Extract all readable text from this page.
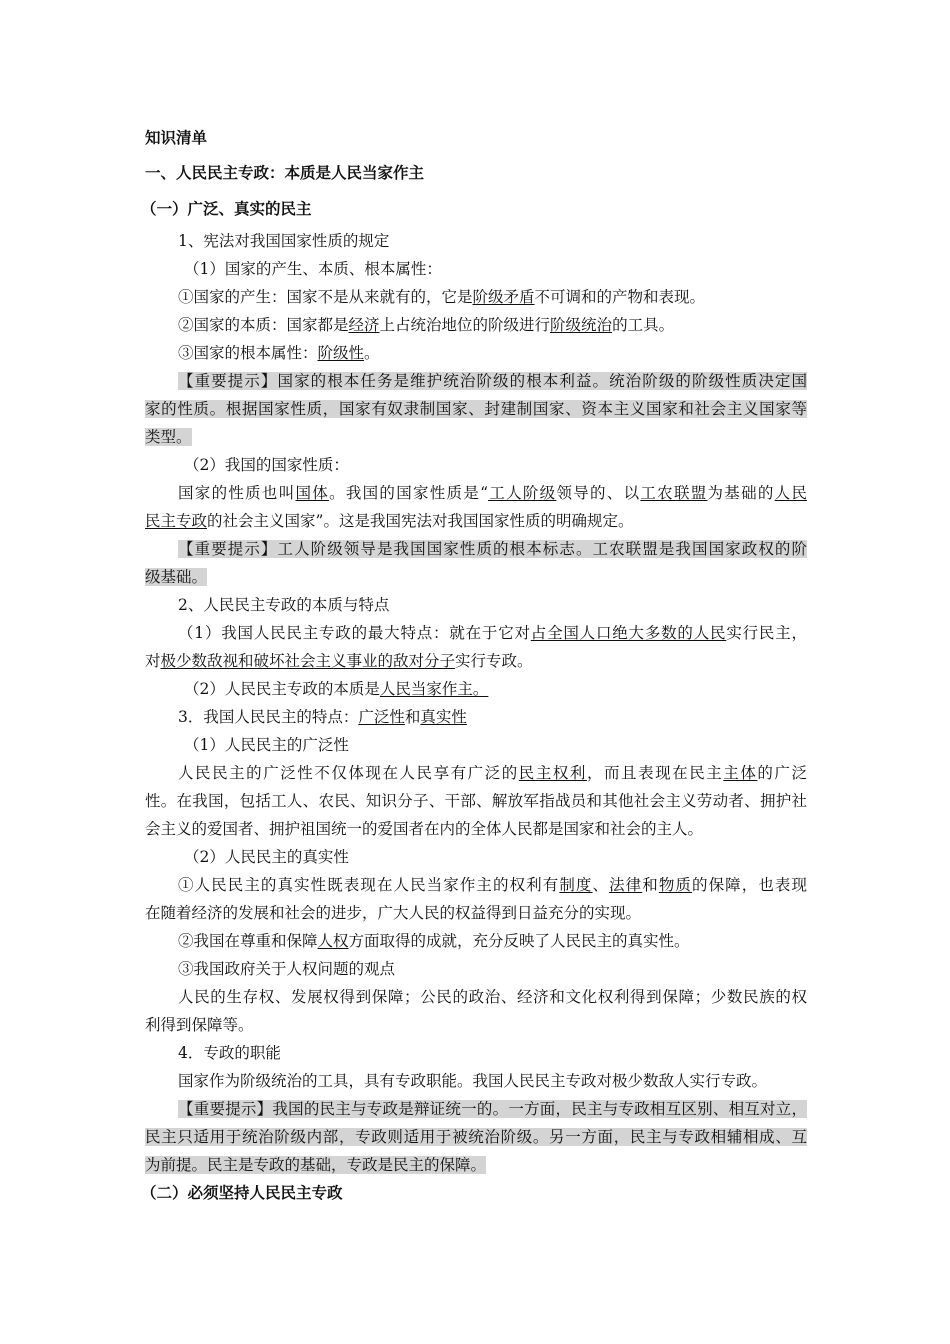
知识清单
一、人民民主专政：本质是人民当家作主
（一）广泛、真实的民主
1、宪法对我国国家性质的规定
（1）国家的产生、本质、根本属性：
①国家的产生：国家不是从来就有的，它是阶级矛盾不可调和的产物和表现。
②国家的本质：国家都是经济上占统治地位的阶级进行阶级统治的工具。
③国家的根本属性：阶级性。
【重要提示】国家的根本任务是维护统治阶级的根本利益。统治阶级的阶级性质决定国
家的性质。根据国家性质，国家有奴隶制国家、封建制国家、资本主义国家和社会主义国家等
类型。
（2）我国的国家性质：
国家的性质也叫国体。我国的国家性质是“工人阶级领导的、以工农联盟为基础的人民
民主专政的社会主义国家”。这是我国宪法对我国国家性质的明确规定。
【重要提示】工人阶级领导是我国国家性质的根本标志。工农联盟是我国国家政权的阶
级基础。
2、人民民主专政的本质与特点
（1）我国人民民主专政的最大特点：就在于它对占全国人口绝大多数的人民实行民主，
对极少数敌视和破坏社会主义事业的敌对分子实行专政。
（2）人民民主专政的本质是人民当家作主。
3．我国人民民主的特点：广泛性和真实性
（1）人民民主的广泛性
人民民主的广泛性不仅体现在人民享有广泛的民主权利，而且表现在民主主体的广泛
性。在我国，包括工人、农民、知识分子、干部、解放军指战员和其他社会主义劳动者、拥护社
会主义的爱国者、拥护祖国统一的爱国者在内的全体人民都是国家和社会的主人。
（2）人民民主的真实性
①人民民主的真实性既表现在人民当家作主的权利有制度、法律和物质的保障，也表现
在随着经济的发展和社会的进步，广大人民的权益得到日益充分的实现。
②我国在尊重和保障人权方面取得的成就，充分反映了人民民主的真实性。
③我国政府关于人权问题的观点
人民的生存权、发展权得到保障；公民的政治、经济和文化权利得到保障；少数民族的权
利得到保障等。
4．专政的职能
国家作为阶级统治的工具，具有专政职能。我国人民民主专政对极少数敌人实行专政。
【重要提示】我国的民主与专政是辩证统一的。一方面，民主与专政相互区别、相互对立，
民主只适用于统治阶级内部，专政则适用于被统治阶级。另一方面，民主与专政相辅相成、互
为前提。民主是专政的基础，专政是民主的保障。
（二）必须坚持人民民主专政
